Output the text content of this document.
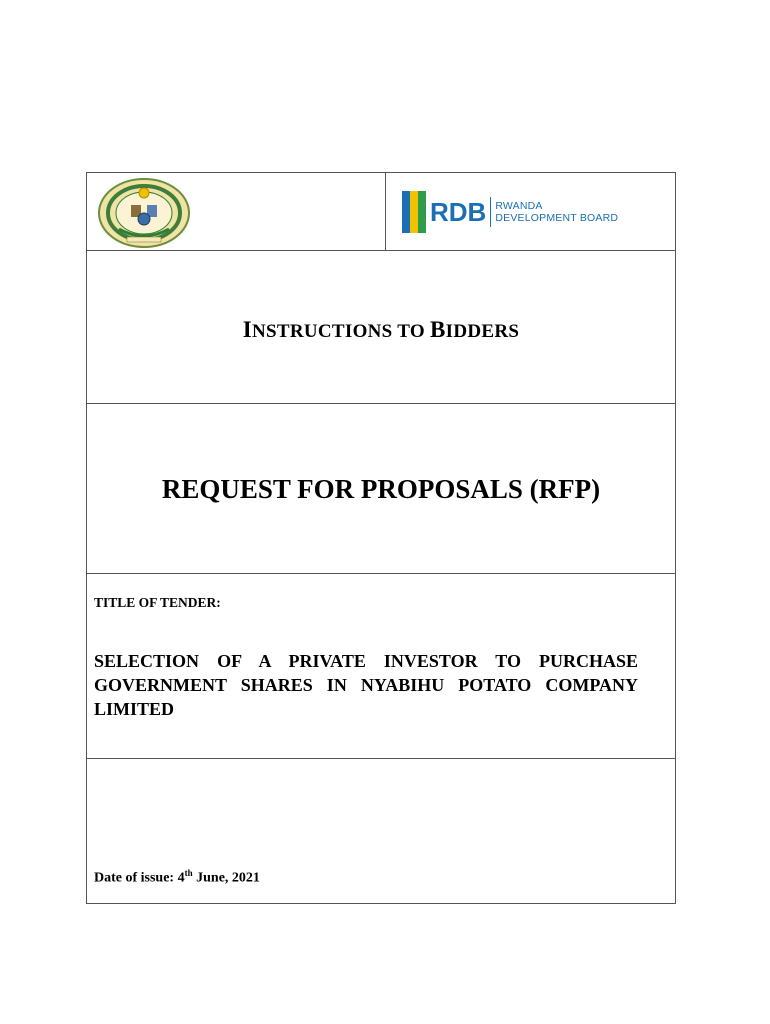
RDB RWANDA
DEVELOPMENT BOARD
INSTRUCTIONS TO BIDDERS
REQUEST FOR PROPOSALS (RFP)
TITLE OF TENDER:
SELECTION OF A PRIVATE INVESTOR TO PURCHASE GOVERNMENT SHARES IN NYABIHU POTATO COMPANY LIMITED
Date of issue: 4th June, 2021
